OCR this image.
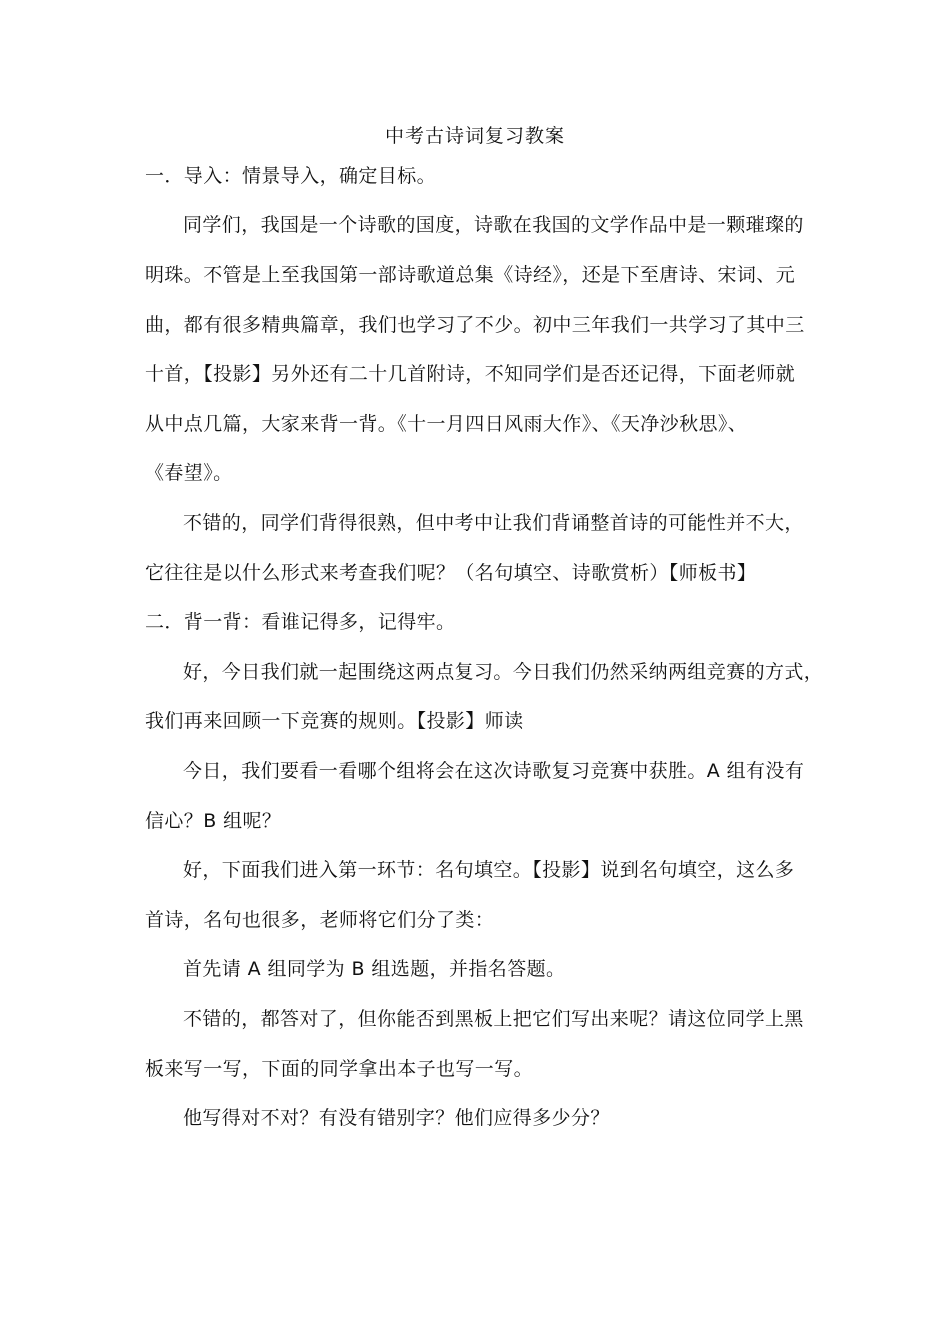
中考古诗词复习教案
一．导入：情景导入，确定目标。
同学们，我国是一个诗歌的国度，诗歌在我国的文学作品中是一颗璀璨的
明珠。不管是上至我国第一部诗歌道总集《诗经》，还是下至唐诗、宋词、元
曲，都有很多精典篇章，我们也学习了不少。初中三年我们一共学习了其中三
十首，【投影】另外还有二十几首附诗，不知同学们是否还记得，下面老师就
从中点几篇，大家来背一背。《十一月四日风雨大作》、《天净沙秋思》、
《春望》。
不错的，同学们背得很熟，但中考中让我们背诵整首诗的可能性并不大，
它往往是以什么形式来考查我们呢？（名句填空、诗歌赏析）【师板书】
二．背一背：看谁记得多，记得牢。
好，今日我们就一起围绕这两点复习。今日我们仍然采纳两组竞赛的方式，
我们再来回顾一下竞赛的规则。【投影】师读
今日，我们要看一看哪个组将会在这次诗歌复习竞赛中获胜。A 组有没有
信心？B 组呢？
好，下面我们进入第一环节：名句填空。【投影】说到名句填空，这么多
首诗，名句也很多，老师将它们分了类：
首先请 A 组同学为 B 组选题，并指名答题。
不错的，都答对了，但你能否到黑板上把它们写出来呢？请这位同学上黑
板来写一写，下面的同学拿出本子也写一写。
他写得对不对？有没有错别字？他们应得多少分？
